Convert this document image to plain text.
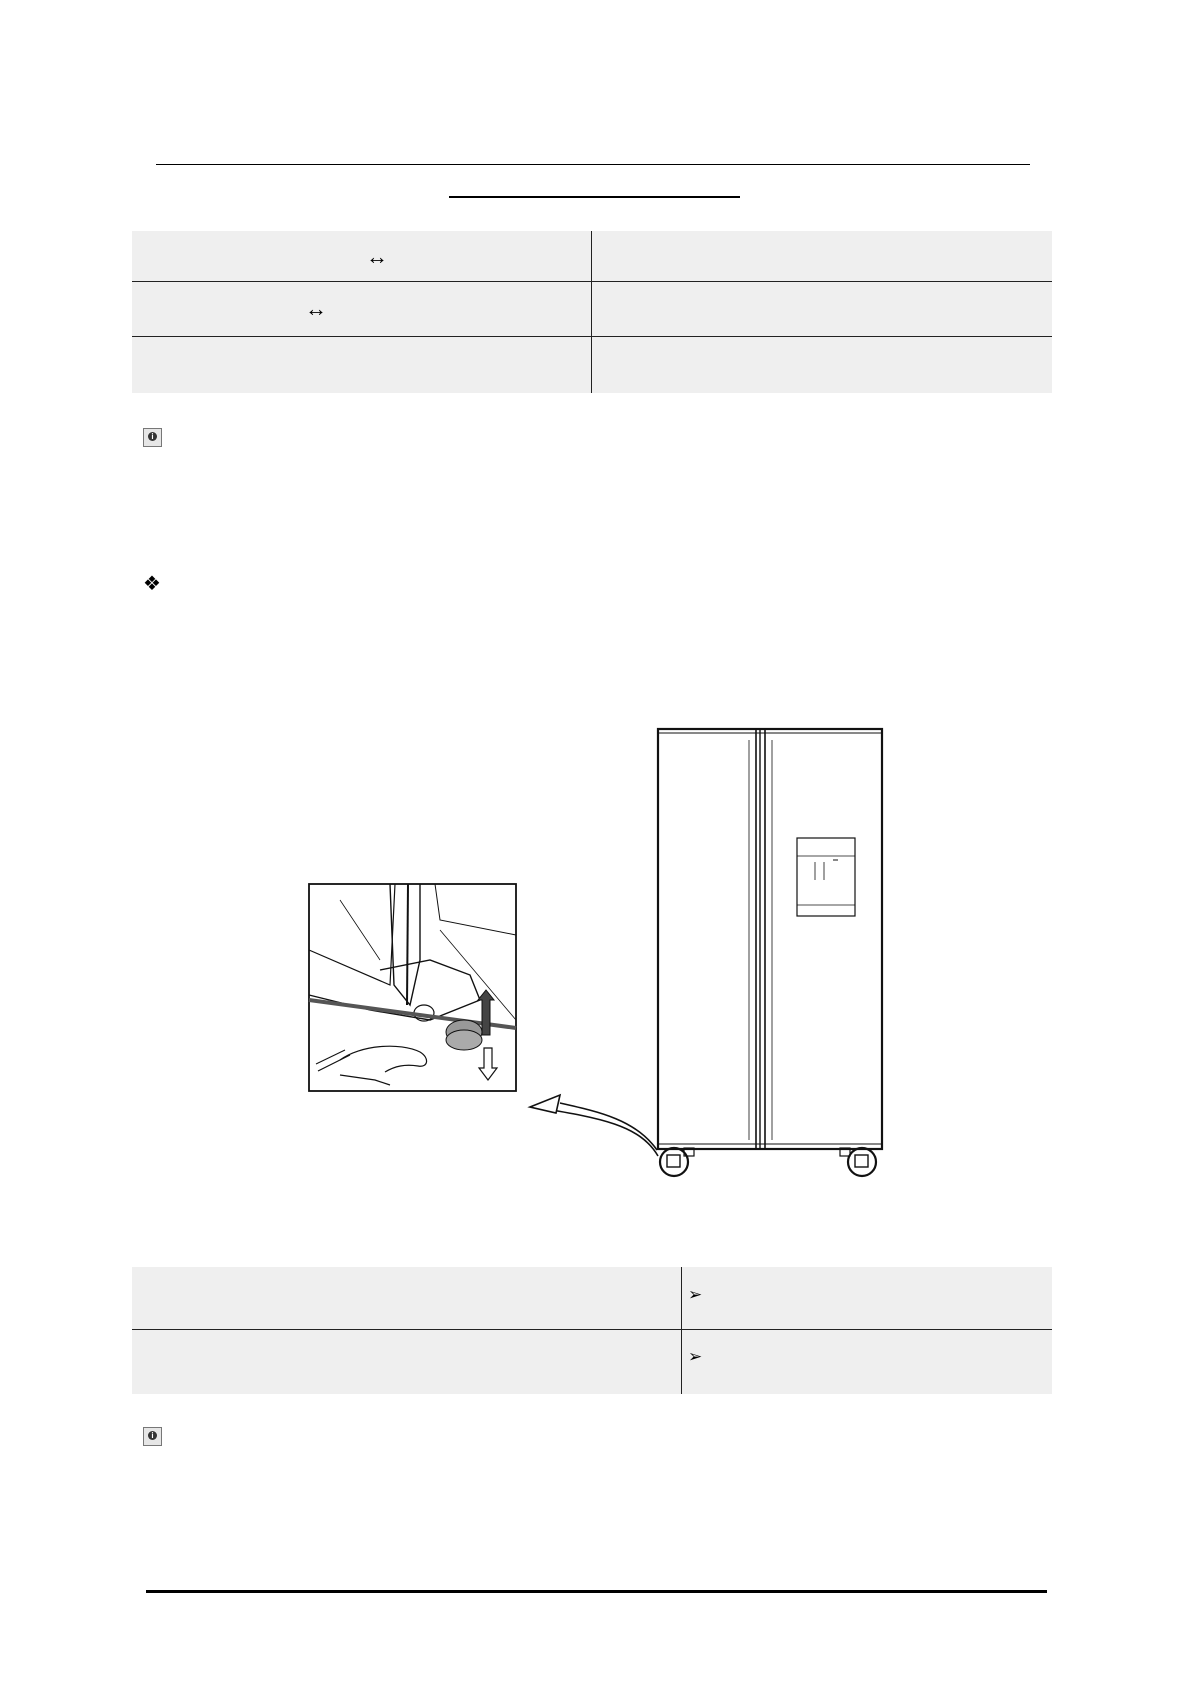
↔
↔
i
❖
➢
➢
i
